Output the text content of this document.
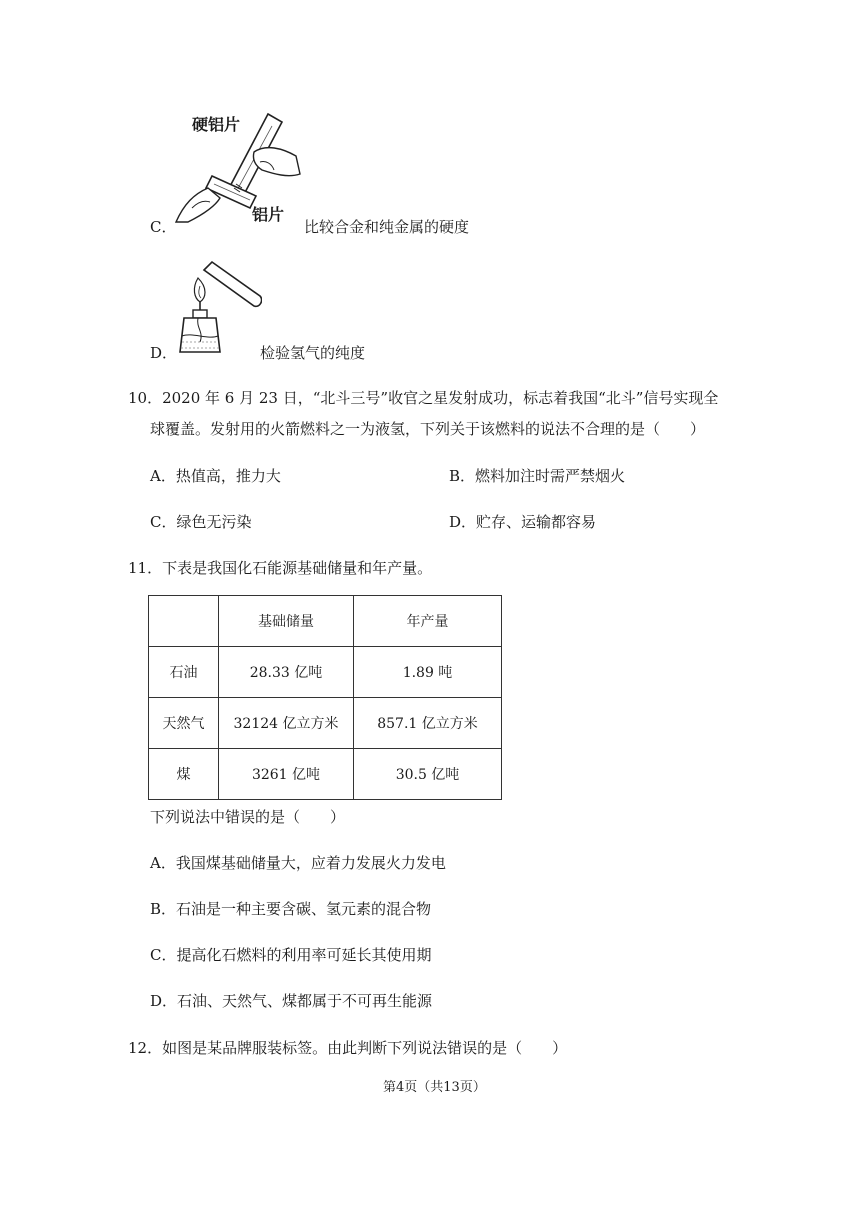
C．
硬铝片
铝片
比较合金和纯金属的硬度
D．	检验氢气的纯度
10．2020 年 6 月 23 日，“北斗三号”收官之星发射成功，标志着我国“北斗”信号实现全
球覆盖。发射用的火箭燃料之一为液氢，下列关于该燃料的说法不合理的是（　　）
A．热值高，推力大	B．燃料加注时需严禁烟火
C．绿色无污染	D．贮存、运输都容易
11．下表是我国化石能源基础储量和年产量。
	基础储量	年产量
石油	28.33 亿吨	1.89 吨
天然气	32124 亿立方米	857.1 亿立方米
煤	3261 亿吨	30.5 亿吨
下列说法中错误的是（　　）
A．我国煤基础储量大，应着力发展火力发电
B．石油是一种主要含碳、氢元素的混合物
C．提高化石燃料的利用率可延长其使用期
D．石油、天然气、煤都属于不可再生能源
12．如图是某品牌服装标签。由此判断下列说法错误的是（　　）
第4页（共13页）
